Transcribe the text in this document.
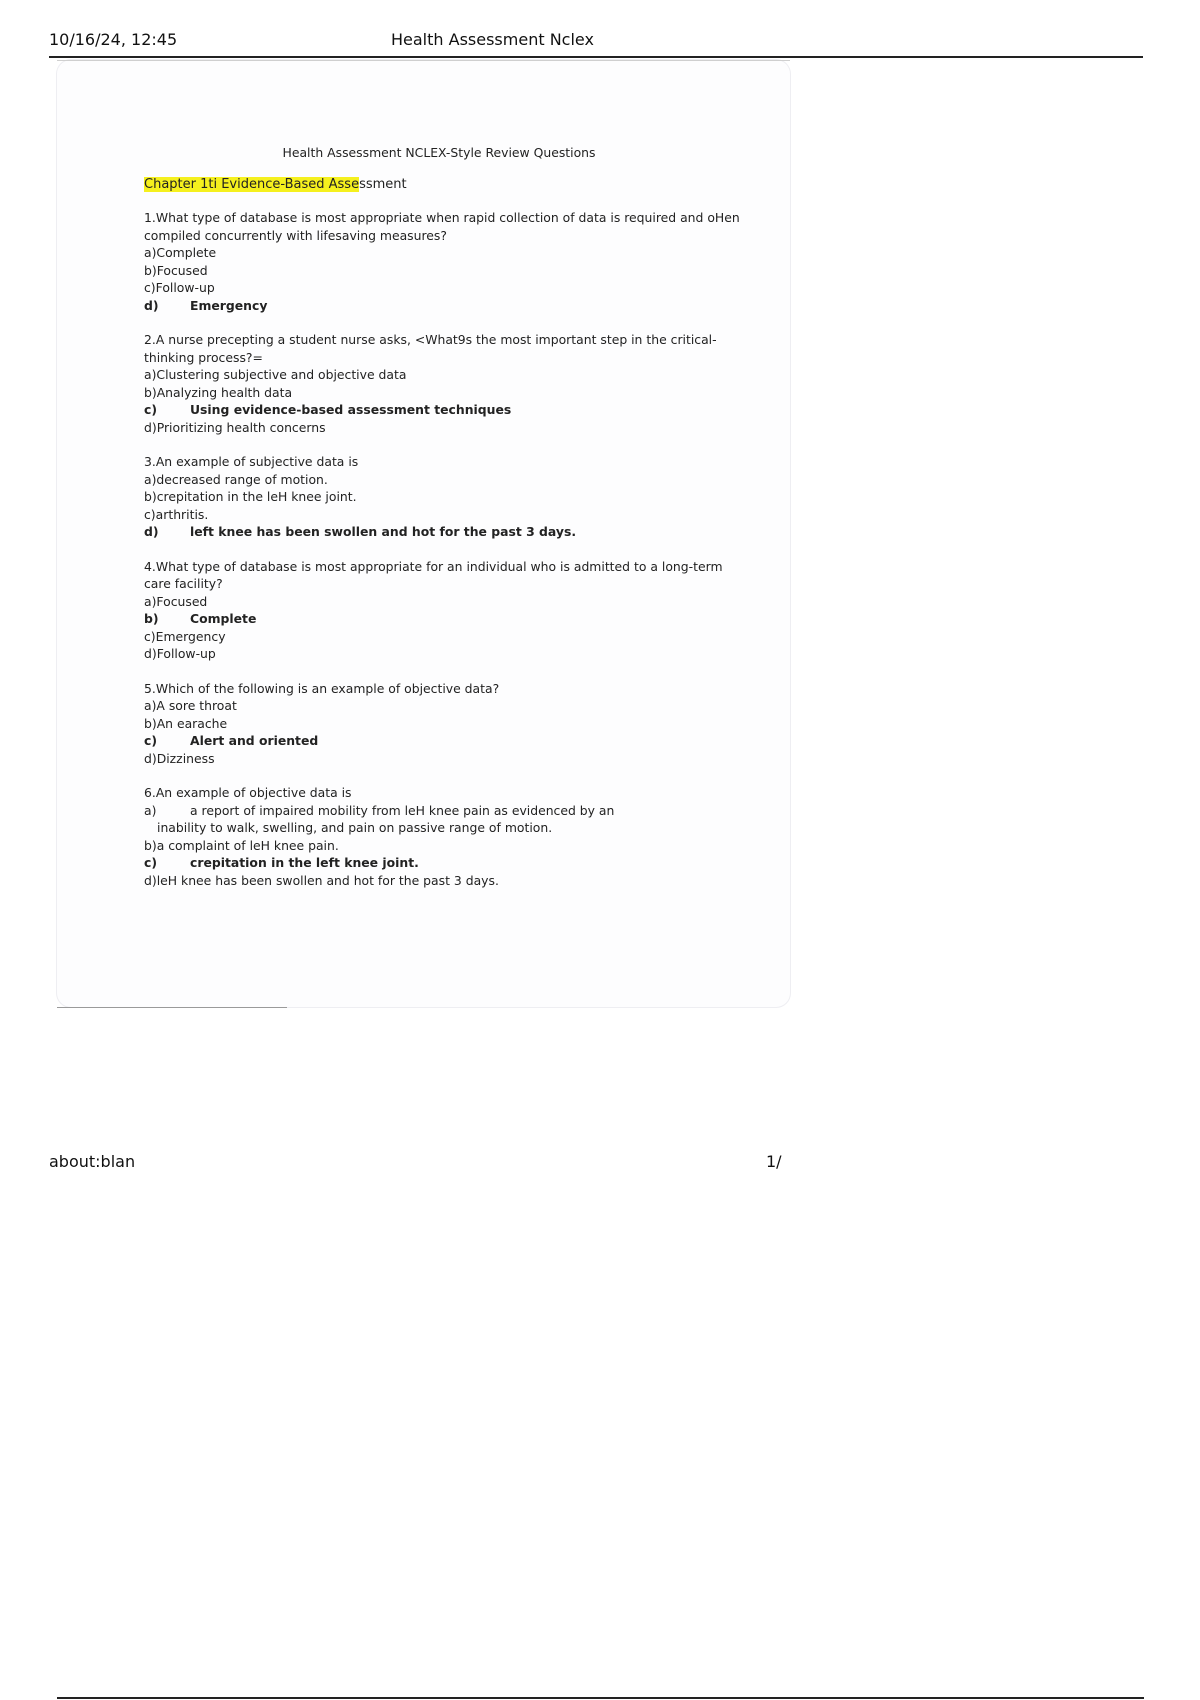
10/16/24, 12:45	Health Assessment Nclex
Health Assessment NCLEX-Style Review Questions
Chapter 1ti Evidence-Based Assessment

1.What type of database is most appropriate when rapid collection of data is required and oHen compiled concurrently with lifesaving measures?

a)Complete

b)Focused

c)Follow-up

d)	Emergency

2.A nurse precepting a student nurse asks, <What9s the most important step in the critical- thinking process?=

a)Clustering subjective and objective data

b)Analyzing health data

c)	Using evidence-based assessment techniques

d)Prioritizing health concerns

3.An example of subjective data is

a)decreased range of motion.

b)crepitation in the leH knee joint.

c)arthritis.

d)	left knee has been swollen and hot for the past 3 days.

4.What type of database is most appropriate for an individual who is admitted to a long-term care facility?

a)Focused

b)	Complete

c)Emergency

d)Follow-up

5.Which of the following is an example of objective data?

a)A sore throat

b)An earache

c)	Alert and oriented

d)Dizziness

6.An example of objective data is

a)	a report of impaired mobility from leH knee pain as evidenced by an
inability to walk, swelling, and pain on passive range of motion.

b)a complaint of leH knee pain.

c)	crepitation in the left knee joint.

d)leH knee has been swollen and hot for the past 3 days.

about:blan	1/
